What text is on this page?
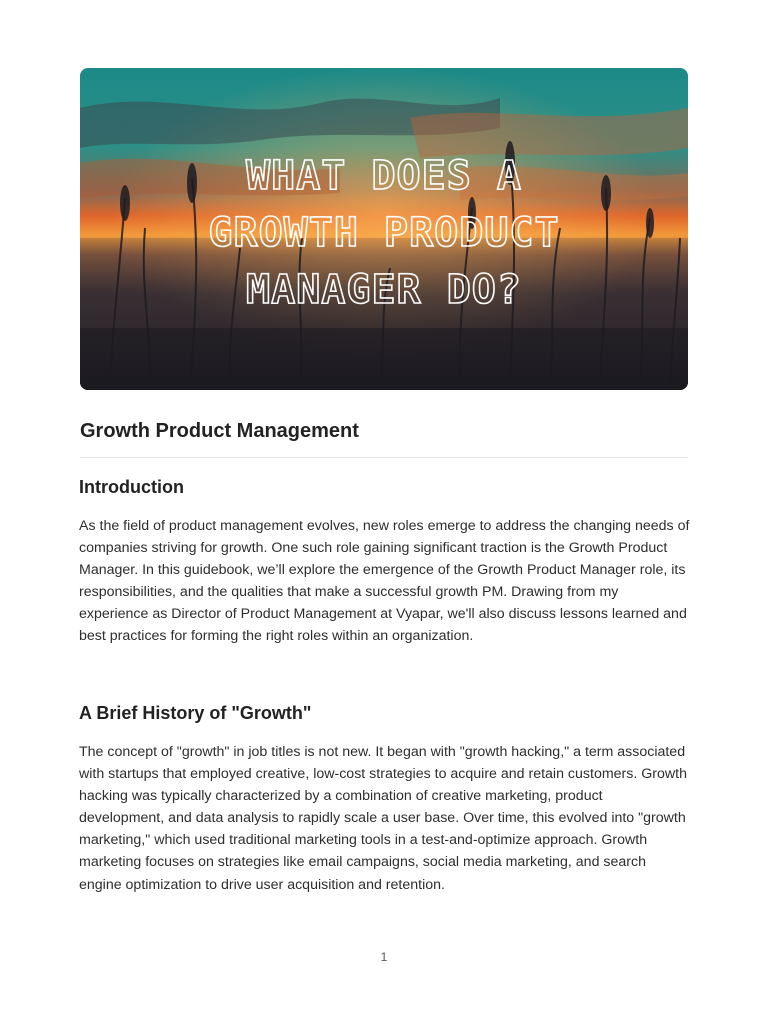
WHAT DOES A
GROWTH PRODUCT
MANAGER DO?
Growth Product Management
Introduction

As the field of product management evolves, new roles emerge to address the changing needs of companies striving for growth. One such role gaining significant traction is the Growth Product Manager. In this guidebook, we’ll explore the emergence of the Growth Product Manager role, its responsibilities, and the qualities that make a successful growth PM. Drawing from my experience as Director of Product Management at Vyapar, we'll also discuss lessons learned and best practices for forming the right roles within an organization.

A Brief History of "Growth"

The concept of "growth" in job titles is not new. It began with "growth hacking," a term associated with startups that employed creative, low-cost strategies to acquire and retain customers. Growth hacking was typically characterized by a combination of creative marketing, product development, and data analysis to rapidly scale a user base. Over time, this evolved into "growth marketing," which used traditional marketing tools in a test-and-optimize approach. Growth marketing focuses on strategies like email campaigns, social media marketing, and search engine optimization to drive user acquisition and retention.

1
